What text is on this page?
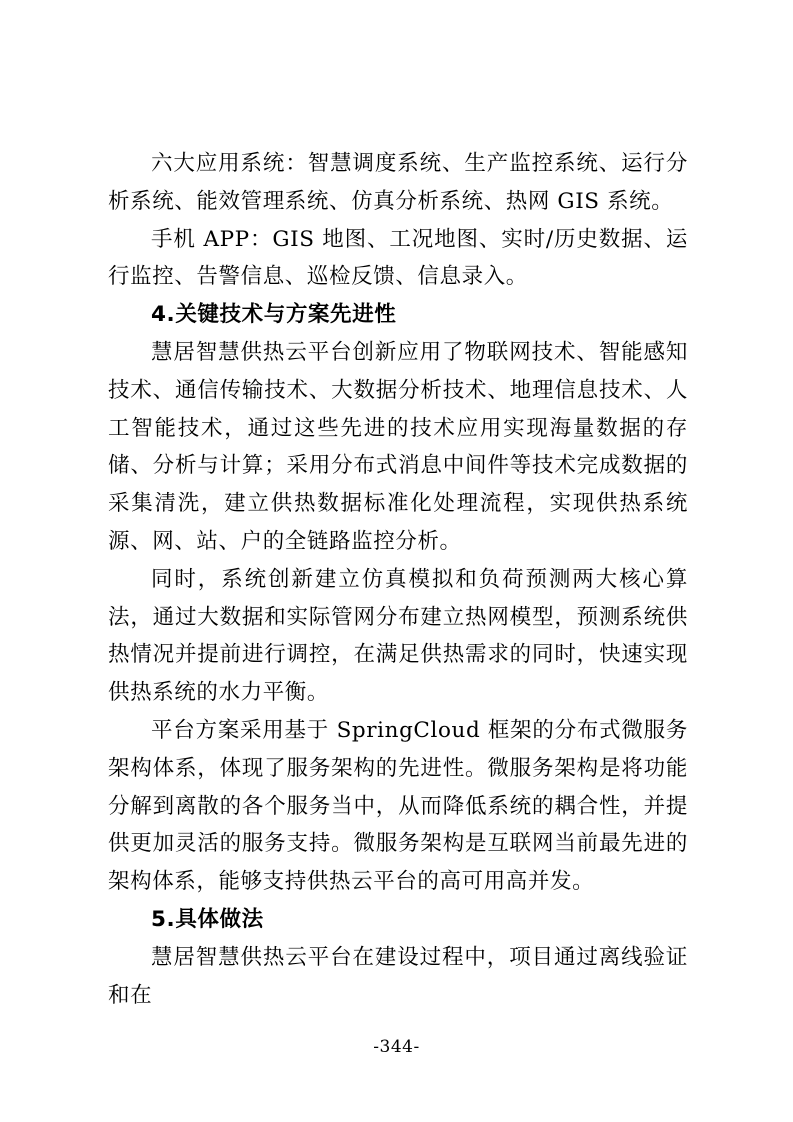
六大应用系统：智慧调度系统、生产监控系统、运行分析系统、能效管理系统、仿真分析系统、热网 GIS 系统。

手机 APP：GIS 地图、工况地图、实时/历史数据、运行监控、告警信息、巡检反馈、信息录入。

4.关键技术与方案先进性

慧居智慧供热云平台创新应用了物联网技术、智能感知技术、通信传输技术、大数据分析技术、地理信息技术、人工智能技术，通过这些先进的技术应用实现海量数据的存储、分析与计算；采用分布式消息中间件等技术完成数据的采集清洗，建立供热数据标准化处理流程，实现供热系统源、网、站、户的全链路监控分析。

同时，系统创新建立仿真模拟和负荷预测两大核心算法，通过大数据和实际管网分布建立热网模型，预测系统供热情况并提前进行调控，在满足供热需求的同时，快速实现供热系统的水力平衡。

平台方案采用基于 SpringCloud 框架的分布式微服务架构体系，体现了服务架构的先进性。微服务架构是将功能分解到离散的各个服务当中，从而降低系统的耦合性，并提供更加灵活的服务支持。微服务架构是互联网当前最先进的架构体系，能够支持供热云平台的高可用高并发。

5.具体做法

慧居智慧供热云平台在建设过程中，项目通过离线验证和在

-344-
